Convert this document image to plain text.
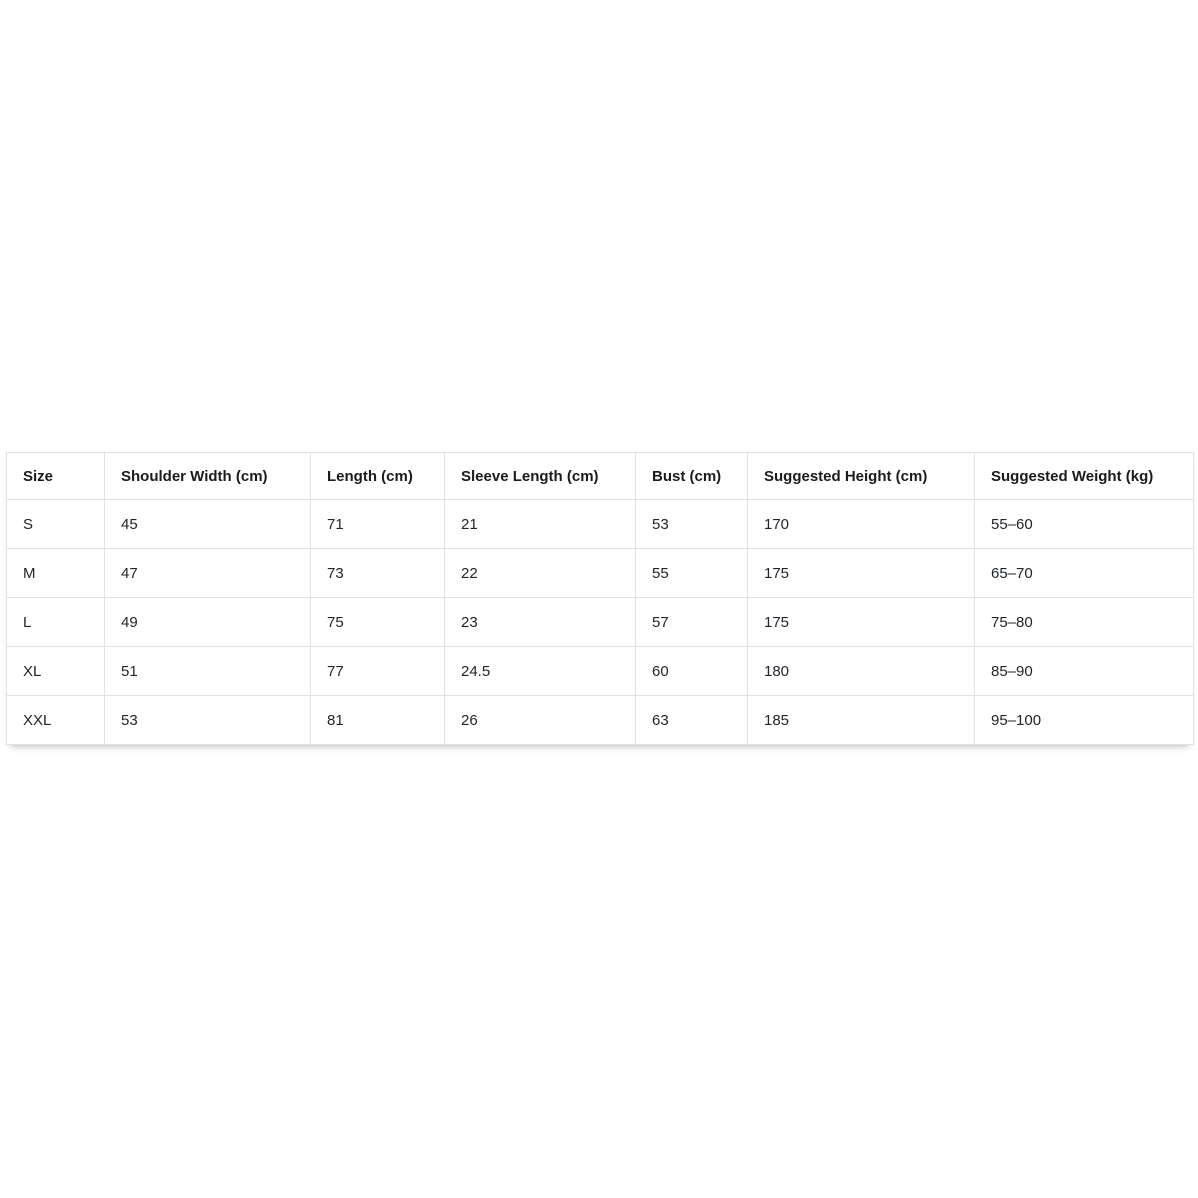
Size	Shoulder Width (cm)	Length (cm)	Sleeve Length (cm)	Bust (cm)	Suggested Height (cm)	Suggested Weight (kg)
S	45	71	21	53	170	55–60
M	47	73	22	55	175	65–70
L	49	75	23	57	175	75–80
XL	51	77	24.5	60	180	85–90
XXL	53	81	26	63	185	95–100
